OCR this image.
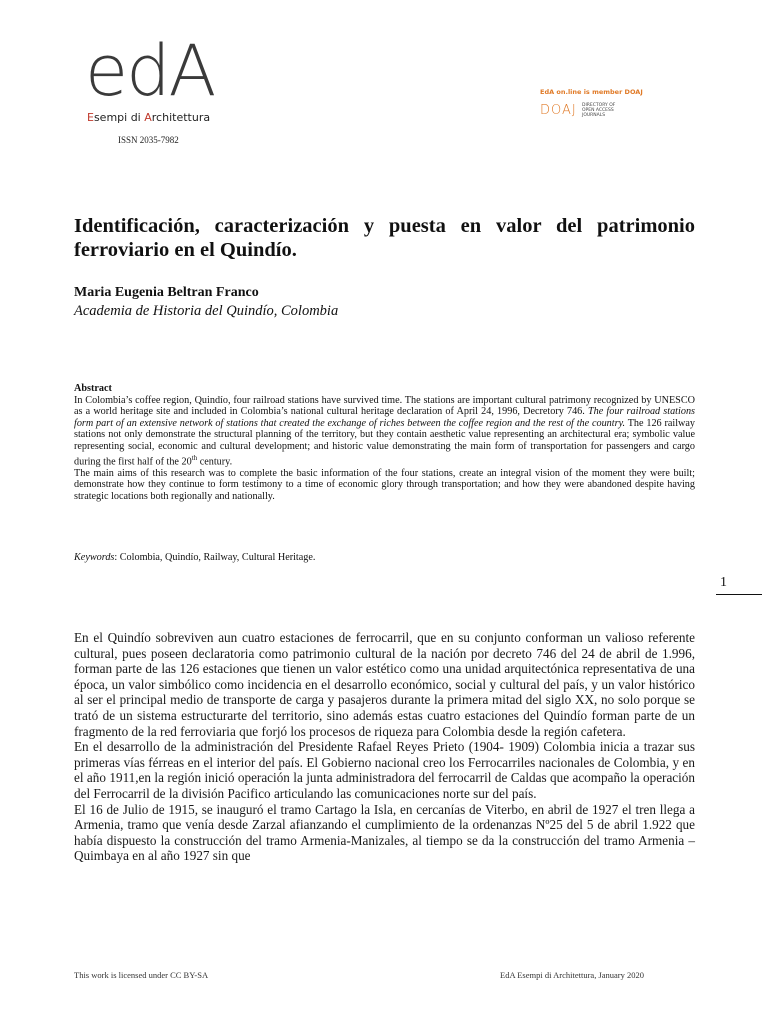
edA
Esempi di Architettura
ISSN 2035-7982
EdA on.line is member DOAJ
DOAJ DIRECTORY OF OPEN ACCESS JOURNALS
Identificación, caracterización y puesta en valor del patrimonio ferroviario en el Quindío.
Maria Eugenia Beltran Franco
Academia de Historia del Quindío, Colombia
Abstract

In Colombia’s coffee region, Quindío, four railroad stations have survived time. The stations are important cultural patrimony recognized by UNESCO as a world heritage site and included in Colombia’s national cultural heritage declaration of April 24, 1996, Decretory 746. The four railroad stations form part of an extensive network of stations that created the exchange of riches between the coffee region and the rest of the country. The 126 railway stations not only demonstrate the structural planning of the territory, but they contain aesthetic value representing an architectural era; symbolic value representing social, economic and cultural development; and historic value demonstrating the main form of transportation for passengers and cargo during the first half of the 20th century.

The main aims of this research was to complete the basic information of the four stations, create an integral vision of the moment they were built; demonstrate how they continue to form testimony to a time of economic glory through transportation; and how they were abandoned despite having strategic locations both regionally and nationally.

Keywords: Colombia, Quindío, Railway, Cultural Heritage.
1

En el Quindío sobreviven aun cuatro estaciones de ferrocarril, que en su conjunto conforman un valioso referente cultural, pues poseen declaratoria como patrimonio cultural de la nación por decreto 746 del 24 de abril de 1.996, forman parte de las 126 estaciones que tienen un valor estético como una unidad arquitectónica representativa de una época, un valor simbólico como incidencia en el desarrollo económico, social y cultural del país, y un valor histórico al ser el principal medio de transporte de carga y pasajeros durante la primera mitad del siglo XX, no solo porque se trató de un sistema estructurarte del territorio, sino además estas cuatro estaciones del Quindío forman parte de un fragmento de la red ferroviaria que forjó los procesos de riqueza para Colombia desde la región cafetera.

En el desarrollo de la administración del Presidente Rafael Reyes Prieto (1904- 1909) Colombia inicia a trazar sus primeras vías férreas en el interior del país. El Gobierno nacional creo los Ferrocarriles nacionales de Colombia, y en el año 1911,en la región inició operación la junta administradora del ferrocarril de Caldas que acompaño la operación del Ferrocarril de la división Pacifico articulando las comunicaciones norte sur del país.

El 16 de Julio de 1915, se inauguró el tramo Cartago la Isla, en cercanías de Viterbo, en abril de 1927 el tren llega a Armenia, tramo que venía desde Zarzal afianzando el cumplimiento de la ordenanzas Nº25 del 5 de abril 1.922 que había dispuesto la construcción del tramo Armenia-Manizales, al tiempo se da la construcción del tramo Armenia – Quimbaya en al año 1927 sin que

This work is licensed under CC BY-SA	EdA Esempi di Architettura, January 2020
